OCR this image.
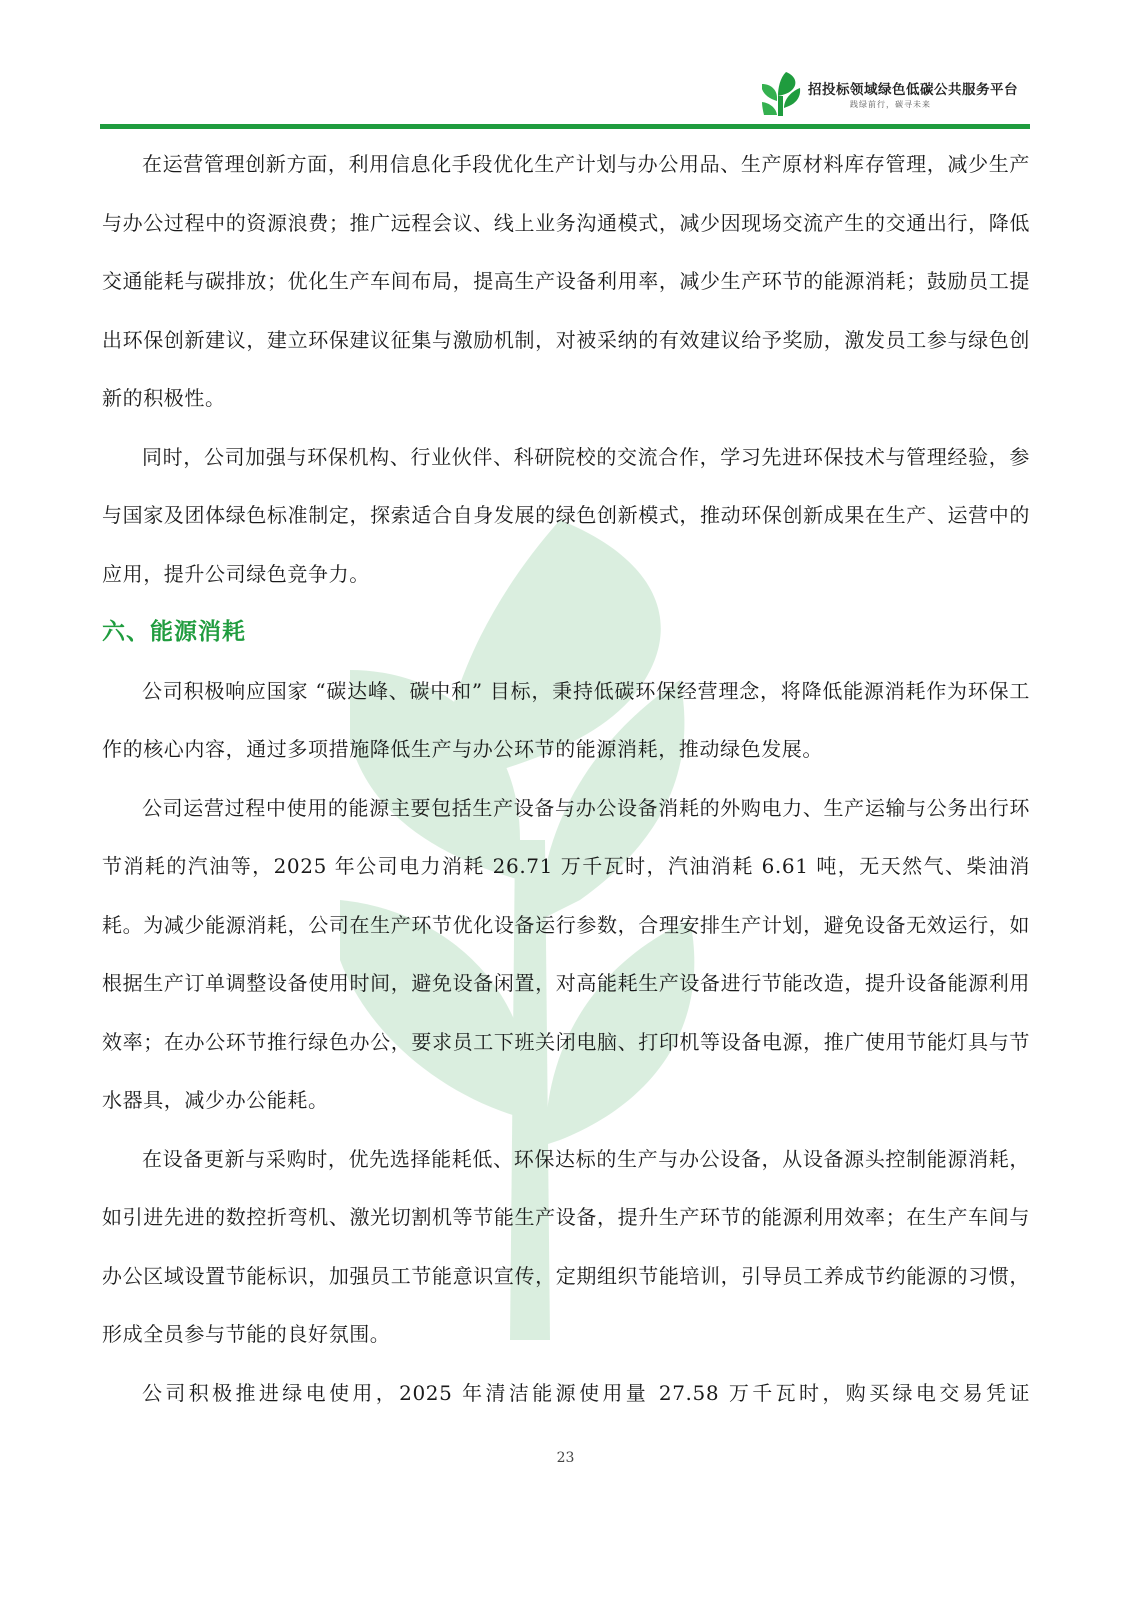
招投标领域绿色低碳公共服务平台
践绿前行，碳寻未来

在运营管理创新方面，利用信息化手段优化生产计划与办公用品、生产原材料库存管理，减少生产与办公过程中的资源浪费；推广远程会议、线上业务沟通模式，减少因现场交流产生的交通出行，降低交通能耗与碳排放；优化生产车间布局，提高生产设备利用率，减少生产环节的能源消耗；鼓励员工提出环保创新建议，建立环保建议征集与激励机制，对被采纳的有效建议给予奖励，激发员工参与绿色创新的积极性。

同时，公司加强与环保机构、行业伙伴、科研院校的交流合作，学习先进环保技术与管理经验，参与国家及团体绿色标准制定，探索适合自身发展的绿色创新模式，推动环保创新成果在生产、运营中的应用，提升公司绿色竞争力。

六、能源消耗

公司积极响应国家 “碳达峰、碳中和” 目标，秉持低碳环保经营理念，将降低能源消耗作为环保工作的核心内容，通过多项措施降低生产与办公环节的能源消耗，推动绿色发展。

公司运营过程中使用的能源主要包括生产设备与办公设备消耗的外购电力、生产运输与公务出行环节消耗的汽油等，2025 年公司电力消耗 26.71 万千瓦时，汽油消耗 6.61 吨，无天然气、柴油消耗。为减少能源消耗，公司在生产环节优化设备运行参数，合理安排生产计划，避免设备无效运行，如根据生产订单调整设备使用时间，避免设备闲置，对高能耗生产设备进行节能改造，提升设备能源利用效率；在办公环节推行绿色办公，要求员工下班关闭电脑、打印机等设备电源，推广使用节能灯具与节水器具，减少办公能耗。

在设备更新与采购时，优先选择能耗低、环保达标的生产与办公设备，从设备源头控制能源消耗，如引进先进的数控折弯机、激光切割机等节能生产设备，提升生产环节的能源利用效率；在生产车间与办公区域设置节能标识，加强员工节能意识宣传，定期组织节能培训，引导员工养成节约能源的习惯，形成全员参与节能的良好氛围。

公司积极推进绿电使用，2025 年清洁能源使用量 27.58 万千瓦时，购买绿电交易凭证

23
